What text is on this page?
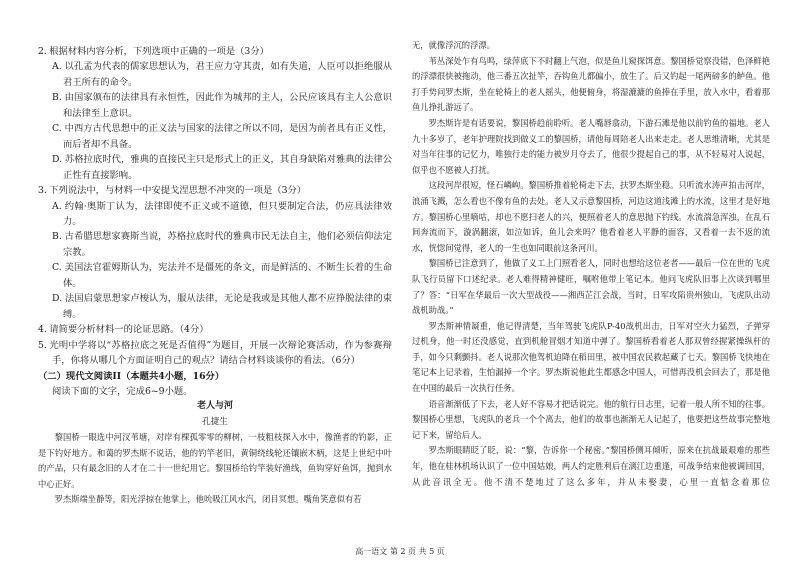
2. 根据材料内容分析，下列选项中正确的一项是（3分）

A. 以孔孟为代表的儒家思想认为，君王应力守其责，如有失道，人臣可以拒绝服从君王所有的命令。

B. 由国家颁布的法律具有永恒性，因此作为城邦的主人，公民应该具有主人公意识和法律至上意识。

C. 中西方古代思想中的正义法与国家的法律之所以不同，是因为前者具有正义性，而后者却不具备。

D. 苏格拉底时代，雅典的直接民主只是形式上的正义，其自身缺陷对雅典的法律公正性有直接影响。

3. 下列说法中，与材料一中安提戈涅思想不冲突的一项是（3分）

A. 约翰·奥斯丁认为，法律即使不正义或不道德，但只要制定合法，仍应具法律效力。

B. 古希腊思想家赛斯当说，苏格拉底时代的雅典市民无法自主，他们必须信仰法定宗教。

C. 美国法官霍姆斯认为，宪法并不是僵死的条文，而是鲜活的、不断生长着的生命体。

D. 法国启蒙思想家卢梭认为，服从法律，无论是我或是其他人都不应挣脱法律的束缚。

4. 请简要分析材料一的论证思路。（4分）

5. 光明中学将以“苏格拉底之死是否值得”为题目，开展一次辩论赛活动，作为参赛辩手，你将从哪几个方面证明自己的观点？请结合材料谈谈你的看法。（6分）

（二）现代文阅读II（本题共4小题，16分）

阅读下面的文字，完成6~9小题。

老人与河

孔捷生

黎国桥一眼选中河汊苇塘，对岸有棵孤零零的柳树，一枝粗枝探入水中，像渔者的钓影，正是下钓好地方。和蔼的罗杰斯不说话，他的钓竿老旧，黄铜绕线轮还镶嵌木柄，这是上世纪中叶的产品，只有最念旧的人才在二十一世纪用它。黎国桥给钓竿装好渔线，鱼钩穿好鱼饵，抛到水中心正好。

罗杰斯端坐静等，阳光浮掠在他掌上，他吮吸江风水汽，闭目冥想。嘴角笑意似有若

无，就像浮沉的浮漂。

苇丛深处乍有鸟鸣，绿萍底下不时翻上气泡，似是鱼儿窥探饵意。黎国桥觉察没错，色泽鲜艳的浮漂很快被拖动，他三番五次扯竿，吞钩鱼儿都偏小，放生了。后又钓起一尾两磅多的鲈鱼。他打手势问罗杰斯，坐在轮椅上的老人摇头，他便俯身，将湿漉漉的鱼捧在手里，放入水中，看着那鱼儿挣扎游远了。

罗杰斯许是有话要说，黎国桥趋前聆听。老人嘴唇翕动，下游石滩是他以前钓鱼的福地。老人九十多岁了，老年护理院找到做义工的黎国桥，请他每周陪老人出来走走。老人思维清晰，尤其是对当年往事的记忆力，唯独行走的能力被岁月夺去了，他很少提起自己的事，从不轻易对人说起，似乎也不愿被人打扰。

这段河岸很短，怪石嶙峋。黎国桥推着轮椅走下去，扶罗杰斯坐稳。只听流水涛声拍击河岸，浪涌飞溅，怎么看也不像有鱼的去处。老人又示意黎国桥，河边这道浅滩上的水流，这里才是好地方。黎国桥心里嘀咕，却也不愿扫老人的兴，便照着老人的意思抛下钓线。水流湍急浑浊，在乱石间奔流而下，漩涡翻滚，如泣如诉，鱼儿会来吗？他看着老人平静的面容，又看着一去不返的流水，恍惚间觉得，老人的一生也如同眼前这条河川。

黎国桥已注意到了，他做了义工上门照看老人，同时也想给这位老者——最后一位在世的飞虎队飞行员留下口述纪录。老人难得精神健旺，嘱咐他带上笔记本。他问飞虎队旧事上次谈到哪里了？答：“日军在华最后一次大型战役——湘西芷江会战，当时，日军攻陷贵州独山，飞虎队出动战机助战。”

罗杰斯神情凝重，他记得清楚，当年驾驶飞虎队P-40战机出击，日军对空火力猛烈，子弹穿过机身，他一时还没感觉，直到机舱冒烟才知道中弹了。黎国桥看着老人那双曾经握紧操纵杆的手，如今只剩颤抖。老人说那次他驾机迫降在稻田里，被中国农民救起藏了七天。黎国桥飞快地在笔记本上记录着，生怕漏掉一个字。罗杰斯说他此生都感念中国人，可惜再没机会回去了，那是他在中国的最后一次执行任务。

语音渐渐低了下去，老人好不容易才把话说完。他的航行日志里，记着一般人所不知的往事。黎国桥心里想，飞虎队的老兵一个个离去，他们的故事也渐渐无人记起了，他要把这些故事完整地记下来，留给后人。

罗杰斯眼睛眨了眨，说：“黎，告诉你一个秘密。”黎国桥侧耳倾听，原来在抗战最艰难的那些年，他在桂林机场认识了一位中国姑娘，两人约定胜利后在漓江边重逢，可战争结束他被调回国，从此音讯全无。他不清不楚地过了这么多年，并从未娶妻，心里一直惦念着那位

高一语文 第 2 页 共 5 页
